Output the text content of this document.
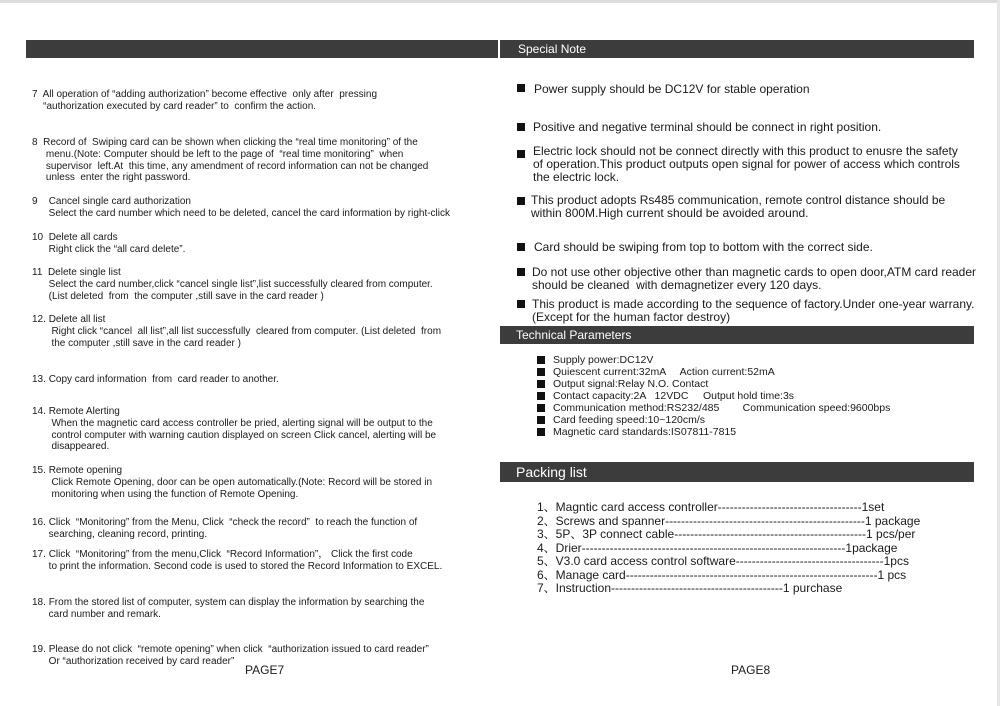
7 All operation of “adding authorization” become effective  only after  pressing
“authorization executed by card reader” to  confirm the action.
8 Record of  Swiping card can be shown when clicking the “real time monitoring” of the
menu.(Note: Computer should be left to the page of  “real time monitoring”  when
supervisor  left.At  this time, any amendment of record information can not be changed
unless  enter the right password.
9 Cancel single card authorization
Select the card number which need to be deleted, cancel the card information by right-click
10 Delete all cards
Right click the “all card delete”.
11 Delete single list
Select the card number,click “cancel single list”,list successfully cleared from computer.
(List deleted  from  the computer ,still save in the card reader )
12. Delete all list
Right click “cancel  all list”,all list successfully  cleared from computer. (List deleted  from
the computer ,still save in the card reader )
13. Copy card information  from  card reader to another.
14. Remote Alerting
When the magnetic card access controller be pried, alerting signal will be output to the
control computer with warning caution displayed on screen Click cancel, alerting will be
disappeared.
15. Remote opening
Click Remote Opening, door can be open automatically.(Note: Record will be stored in
monitoring when using the function of Remote Opening.
16. Click  “Monitoring” from the Menu, Click  “check the record”  to reach the function of
searching, cleaning record, printing.
17. Click  “Monitoring” from the menu,Click  “Record Information”， Click the first code
to print the information. Second code is used to stored the Record Information to EXCEL.
18. From the stored list of computer, system can display the information by searching the
card number and remark.
19. Please do not click  “remote opening” when click  “authorization issued to card reader”
Or “authorization received by card reader”
PAGE7
Special Note
Power supply should be DC12V for stable operation
Positive and negative terminal should be connect in right position.
Electric lock should not be connect directly with this product to enusre the safety
of operation.This product outputs open signal for power of access which controls
the electric lock.
This product adopts Rs485 communication, remote control distance should be
within 800M.High current should be avoided around.
Card should be swiping from top to bottom with the correct side.
Do not use other objective other than magnetic cards to open door,ATM card reader
should be cleaned  with demagnetizer every 120 days.
This product is made according to the sequence of factory.Under one-year warrany.
(Except for the human factor destroy)
Technical Parameters
Supply power:DC12V
Quiescent current:32mA     Action current:52mA
Output signal:Relay N.O. Contact
Contact capacity:2A   12VDC     Output hold time:3s
Communication method:RS232/485        Communication speed:9600bps
Card feeding speed:10~120cm/s
Magnetic card standards:IS07811-7815
Packing list
1、Magntic card access controller------------------------------------1set
2、Screws and spanner--------------------------------------------------1 package
3、5P、3P connect cable------------------------------------------------1 pcs/per
4、Drier------------------------------------------------------------------1package
5、V3.0 card access control software-------------------------------------1pcs
6、Manage card---------------------------------------------------------------1 pcs
7、Instruction-------------------------------------------1 purchase
PAGE8
